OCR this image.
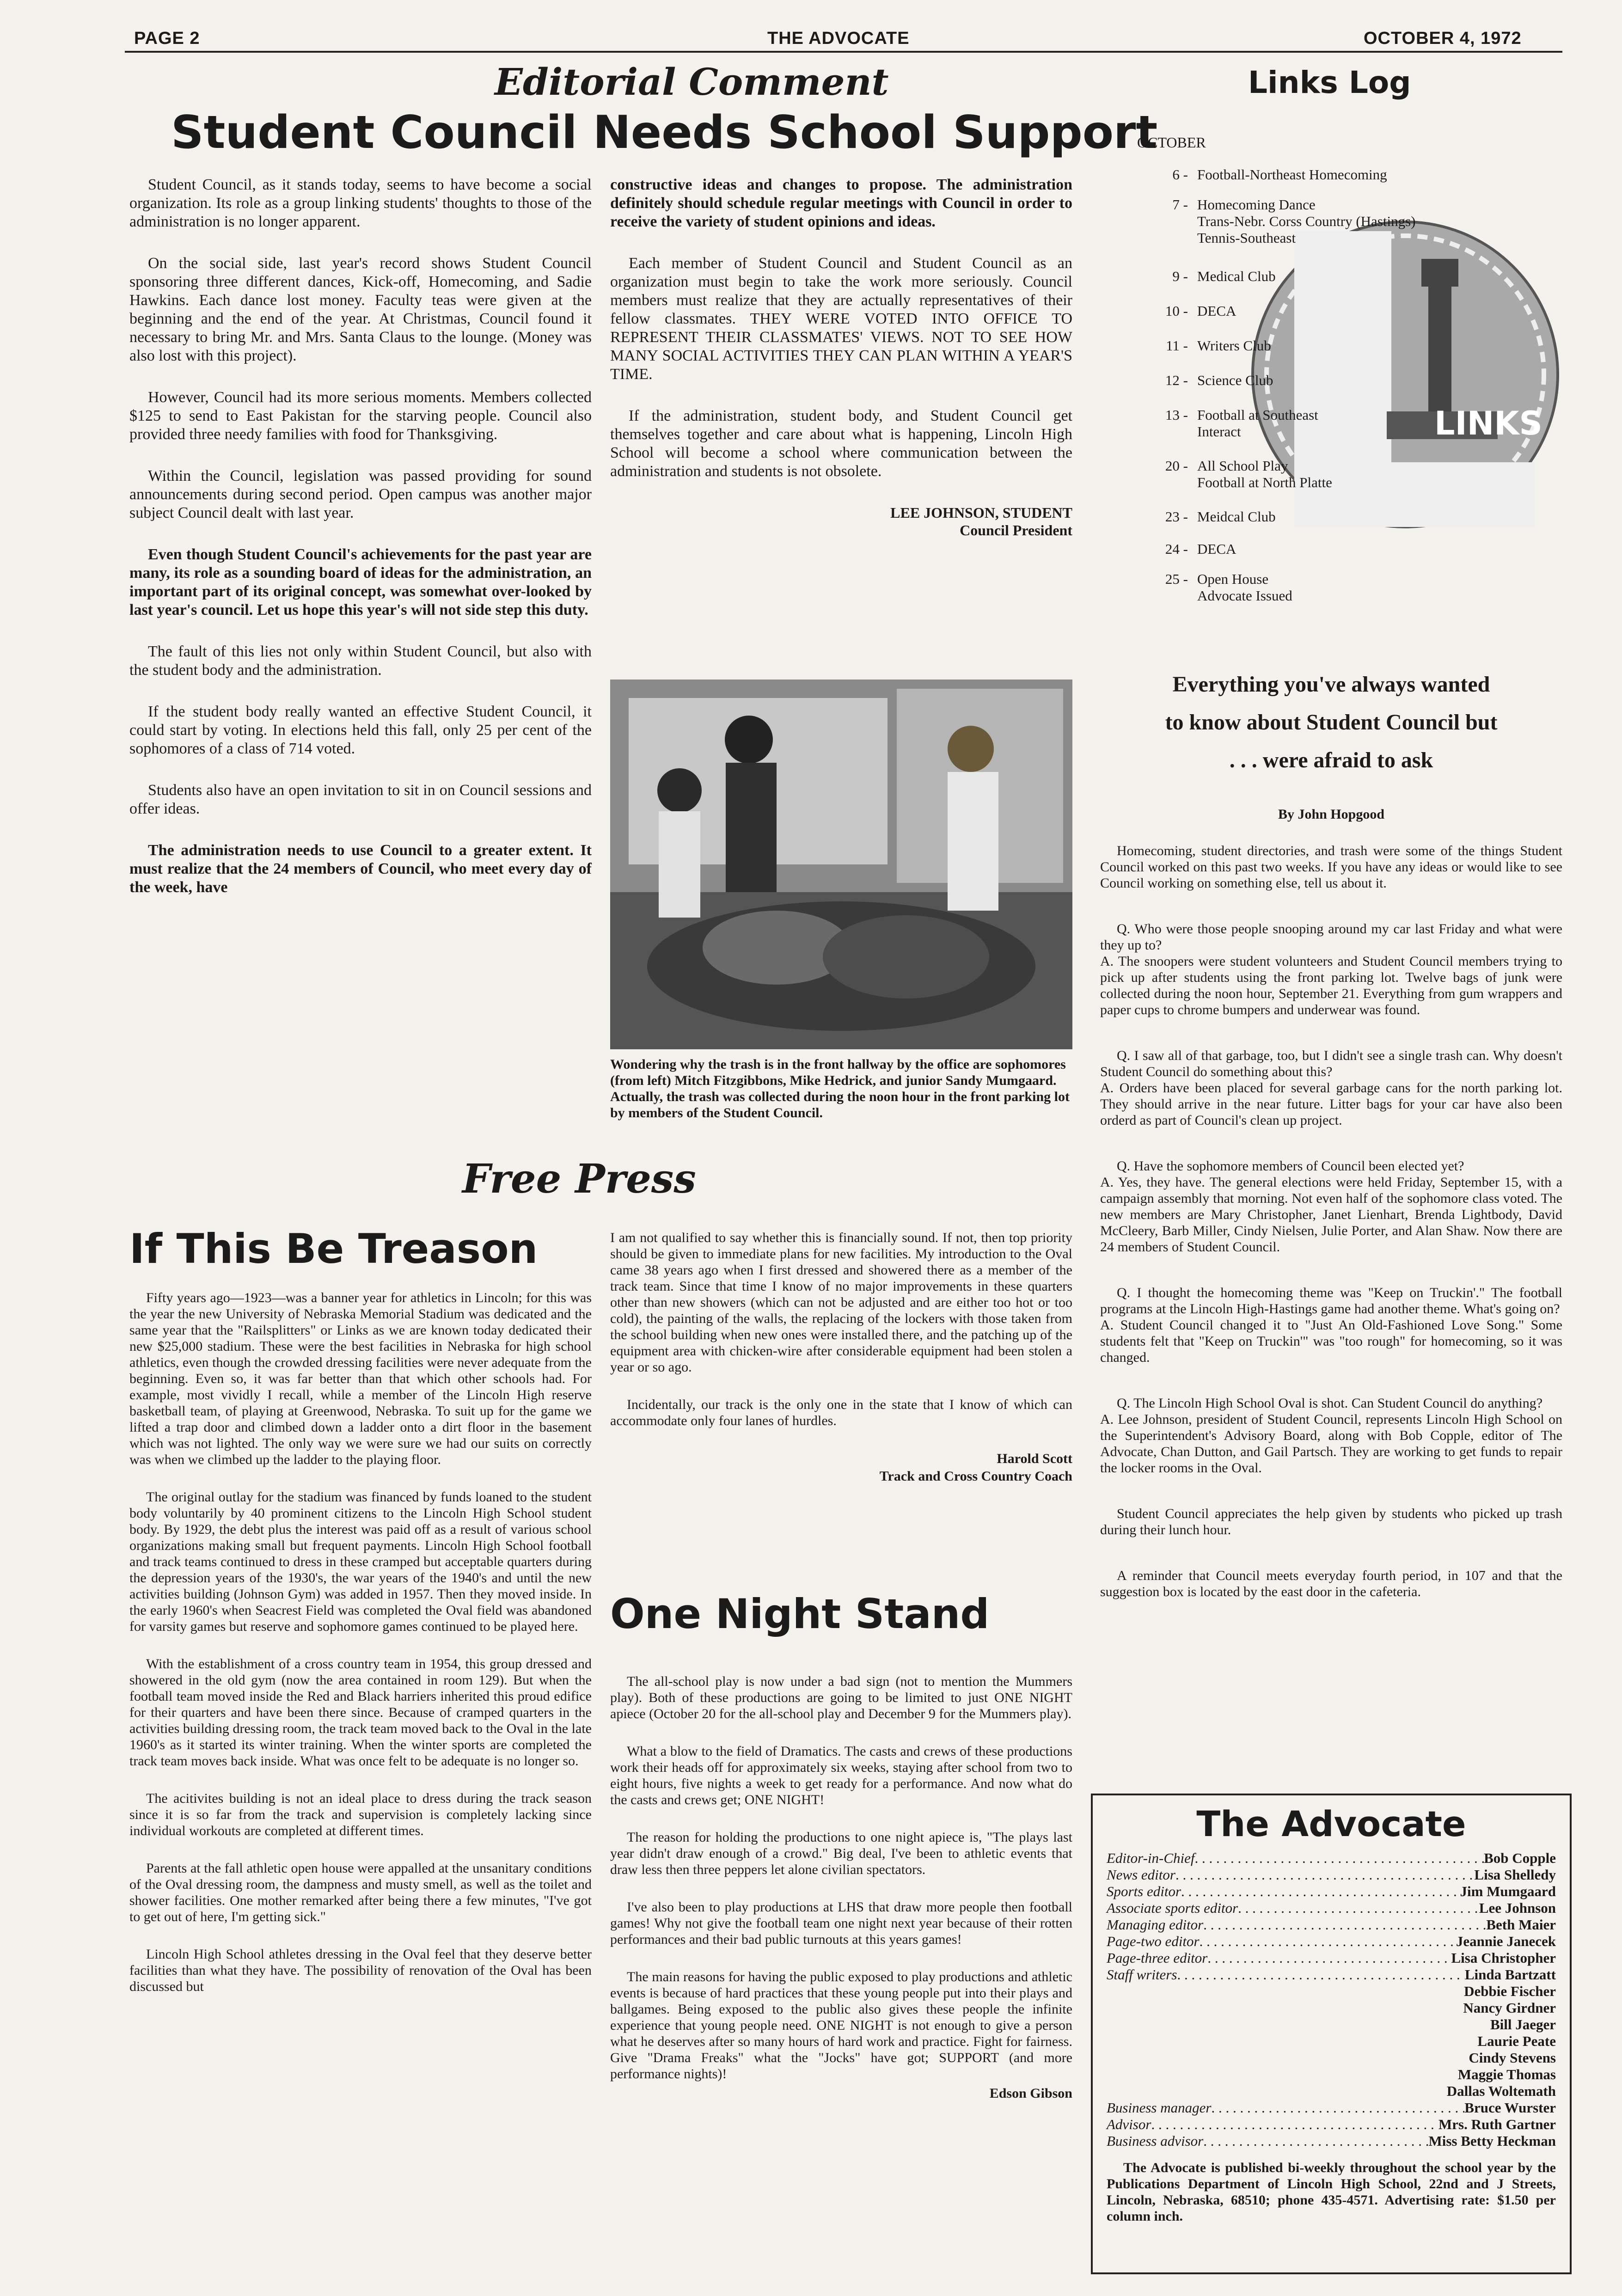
PAGE 2	THE ADVOCATE	OCTOBER 4, 1972
Editorial Comment
Student Council Needs School Support

Student Council, as it stands today, seems to have become a social organization. Its role as a group linking students' thoughts to those of the administration is no longer apparent.

On the social side, last year's record shows Student Council sponsoring three different dances, Kick-off, Homecoming, and Sadie Hawkins. Each dance lost money. Faculty teas were given at the beginning and the end of the year. At Christmas, Council found it necessary to bring Mr. and Mrs. Santa Claus to the lounge. (Money was also lost with this project).

However, Council had its more serious moments. Members collected $125 to send to East Pakistan for the starving people. Council also provided three needy families with food for Thanksgiving.

Within the Council, legislation was passed providing for sound announcements during second period. Open campus was another major subject Council dealt with last year.

Even though Student Council's achievements for the past year are many, its role as a sounding board of ideas for the administration, an important part of its original concept, was somewhat over-looked by last year's council. Let us hope this year's will not side step this duty.

The fault of this lies not only within Student Council, but also with the student body and the administration.

If the student body really wanted an effective Student Council, it could start by voting. In elections held this fall, only 25 per cent of the sophomores of a class of 714 voted.

Students also have an open invitation to sit in on Council sessions and offer ideas.

The administration needs to use Council to a greater extent. It must realize that the 24 members of Council, who meet every day of the week, have

constructive ideas and changes to propose. The administration definitely should schedule regular meetings with Council in order to receive the variety of student opinions and ideas.

Each member of Student Council and Student Council as an organization must begin to take the work more seriously. Council members must realize that they are actually representatives of their fellow classmates. THEY WERE VOTED INTO OFFICE TO REPRESENT THEIR CLASSMATES' VIEWS. NOT TO SEE HOW MANY SOCIAL ACTIVITIES THEY CAN PLAN WITHIN A YEAR'S TIME.

If the administration, student body, and Student Council get themselves together and care about what is happening, Lincoln High School will become a school where communication between the administration and students is not obsolete.

LEE JOHNSON, STUDENT
Council President
Wondering why the trash is in the front hallway by the office are sophomores (from left) Mitch Fitzgibbons, Mike Hedrick, and junior Sandy Mumgaard. Actually, the trash was collected during the noon hour in the front parking lot by members of the Student Council.
Free Press
If This Be Treason

Fifty years ago—1923—was a banner year for athletics in Lincoln; for this was the year the new University of Nebraska Memorial Stadium was dedicated and the same year that the "Railsplitters" or Links as we are known today dedicated their new $25,000 stadium. These were the best facilities in Nebraska for high school athletics, even though the crowded dressing facilities were never adequate from the beginning. Even so, it was far better than that which other schools had. For example, most vividly I recall, while a member of the Lincoln High reserve basketball team, of playing at Greenwood, Nebraska. To suit up for the game we lifted a trap door and climbed down a ladder onto a dirt floor in the basement which was not lighted. The only way we were sure we had our suits on correctly was when we climbed up the ladder to the playing floor.

The original outlay for the stadium was financed by funds loaned to the student body voluntarily by 40 prominent citizens to the Lincoln High School student body. By 1929, the debt plus the interest was paid off as a result of various school organizations making small but frequent payments. Lincoln High School football and track teams continued to dress in these cramped but acceptable quarters during the depression years of the 1930's, the war years of the 1940's and until the new activities building (Johnson Gym) was added in 1957. Then they moved inside. In the early 1960's when Seacrest Field was completed the Oval field was abandoned for varsity games but reserve and sophomore games continued to be played here.

With the establishment of a cross country team in 1954, this group dressed and showered in the old gym (now the area contained in room 129). But when the football team moved inside the Red and Black harriers inherited this proud edifice for their quarters and have been there since. Because of cramped quarters in the activities building dressing room, the track team moved back to the Oval in the late 1960's as it started its winter training. When the winter sports are completed the track team moves back inside. What was once felt to be adequate is no longer so.

The acitivites building is not an ideal place to dress during the track season since it is so far from the track and supervision is completely lacking since individual workouts are completed at different times.

Parents at the fall athletic open house were appalled at the unsanitary conditions of the Oval dressing room, the dampness and musty smell, as well as the toilet and shower facilities. One mother remarked after being there a few minutes, "I've got to get out of here, I'm getting sick."

Lincoln High School athletes dressing in the Oval feel that they deserve better facilities than what they have. The possibility of renovation of the Oval has been discussed but

I am not qualified to say whether this is financially sound. If not, then top priority should be given to immediate plans for new facilities. My introduction to the Oval came 38 years ago when I first dressed and showered there as a member of the track team. Since that time I know of no major improvements in these quarters other than new showers (which can not be adjusted and are either too hot or too cold), the painting of the walls, the replacing of the lockers with those taken from the school building when new ones were installed there, and the patching up of the equipment area with chicken-wire after considerable equipment had been stolen a year or so ago.

Incidentally, our track is the only one in the state that I know of which can accommodate only four lanes of hurdles.

Harold Scott
Track and Cross Country Coach
One Night Stand

The all-school play is now under a bad sign (not to mention the Mummers play). Both of these productions are going to be limited to just ONE NIGHT apiece (October 20 for the all-school play and December 9 for the Mummers play).

What a blow to the field of Dramatics. The casts and crews of these productions work their heads off for approximately six weeks, staying after school from two to eight hours, five nights a week to get ready for a performance. And now what do the casts and crews get; ONE NIGHT!

The reason for holding the productions to one night apiece is, "The plays last year didn't draw enough of a crowd." Big deal, I've been to athletic events that draw less then three peppers let alone civilian spectators.

I've also been to play productions at LHS that draw more people then football games! Why not give the football team one night next year because of their rotten performances and their bad public turnouts at this years games!

The main reasons for having the public exposed to play productions and athletic events is because of hard practices that these young people put into their plays and ballgames. Being exposed to the public also gives these people the infinite experience that young people need. ONE NIGHT is not enough to give a person what he deserves after so many hours of hard work and practice. Fight for fairness. Give "Drama Freaks" what the "Jocks" have got; SUPPORT (and more performance nights)!

Edson Gibson
Links Log
OCTOBER
LINKS
6 - Football-Northeast Homecoming
7 - Homecoming Dance
Trans-Nebr. Corss Country (Hastings)
Tennis-Southeast
9 - Medical Club
10 - DECA
11 - Writers Club
12 - Science Club
13 - Football at Southeast
Interact
20 - All School Play
Football at North Platte
23 - Meidcal Club
24 - DECA
25 - Open House
Advocate Issued
Everything you've always wanted
to know about Student Council but
. . . were afraid to ask
By John Hopgood

Homecoming, student directories, and trash were some of the things Student Council worked on this past two weeks. If you have any ideas or would like to see Council working on something else, tell us about it.

Q. Who were those people snooping around my car last Friday and what were they up to?
A. The snoopers were student volunteers and Student Council members trying to pick up after students using the front parking lot. Twelve bags of junk were collected during the noon hour, September 21. Everything from gum wrappers and paper cups to chrome bumpers and underwear was found.

Q. I saw all of that garbage, too, but I didn't see a single trash can. Why doesn't Student Council do something about this?
A. Orders have been placed for several garbage cans for the north parking lot. They should arrive in the near future. Litter bags for your car have also been orderd as part of Council's clean up project.

Q. Have the sophomore members of Council been elected yet?
A. Yes, they have. The general elections were held Friday, September 15, with a campaign assembly that morning. Not even half of the sophomore class voted. The new members are Mary Christopher, Janet Lienhart, Brenda Lightbody, David McCleery, Barb Miller, Cindy Nielsen, Julie Porter, and Alan Shaw. Now there are 24 members of Student Council.

Q. I thought the homecoming theme was "Keep on Truckin'." The football programs at the Lincoln High-Hastings game had another theme. What's going on?
A. Student Council changed it to "Just An Old-Fashioned Love Song." Some students felt that "Keep on Truckin'" was "too rough" for homecoming, so it was changed.

Q. The Lincoln High School Oval is shot. Can Student Council do anything?
A. Lee Johnson, president of Student Council, represents Lincoln High School on the Superintendent's Advisory Board, along with Bob Copple, editor of The Advocate, Chan Dutton, and Gail Partsch. They are working to get funds to repair the locker rooms in the Oval.

Student Council appreciates the help given by students who picked up trash during their lunch hour.

A reminder that Council meets everyday fourth period, in 107 and that the suggestion box is located by the east door in the cafeteria.

The Advocate
Editor-in-Chief . . .	Bob Copple
News editor . . .	Lisa Shelledy
Sports editor . . .	Jim Mumgaard
Associate sports editor . . .	Lee Johnson
Managing editor . . .	Beth Maier
Page-two editor . . .	Jeannie Janecek
Page-three editor . . .	Lisa Christopher
Staff writers . . .	Linda Bartzatt
Debbie Fischer
Nancy Girdner
Bill Jaeger
Laurie Peate
Cindy Stevens
Maggie Thomas
Dallas Woltemath
Business manager . . .	Bruce Wurster
Advisor . . .	Mrs. Ruth Gartner
Business advisor . . .	Miss Betty Heckman
The Advocate is published bi-weekly throughout the school year by the Publications Department of Lincoln High School, 22nd and J Streets, Lincoln, Nebraska, 68510; phone 435-4571. Advertising rate: $1.50 per column inch.
